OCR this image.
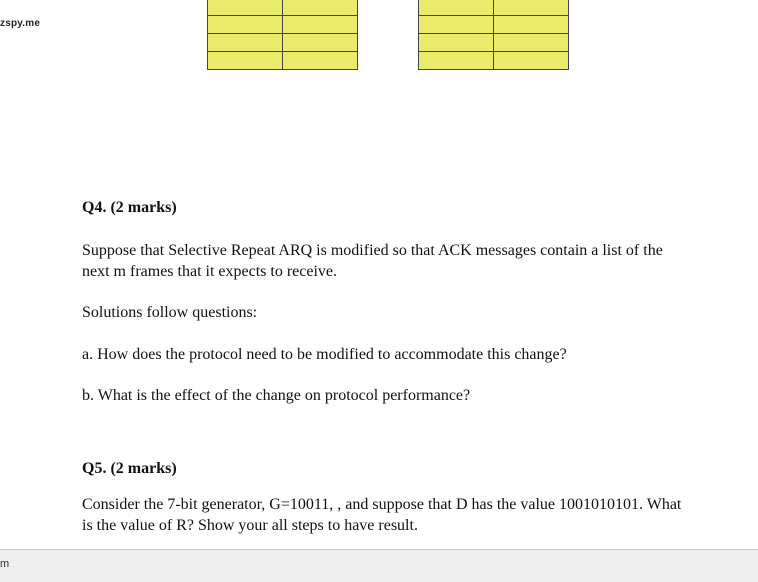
zspy.me

Q4. (2 marks)

Suppose that Selective Repeat ARQ is modified so that ACK messages contain a list of the next m frames that it expects to receive.

Solutions follow questions:

a. How does the protocol need to be modified to accommodate this change?

b. What is the effect of the change on protocol performance?

Q5. (2 marks)

Consider the 7-bit generator, G=10011, , and suppose that D has the value 1001010101. What is the value of R? Show your all steps to have result.

m
